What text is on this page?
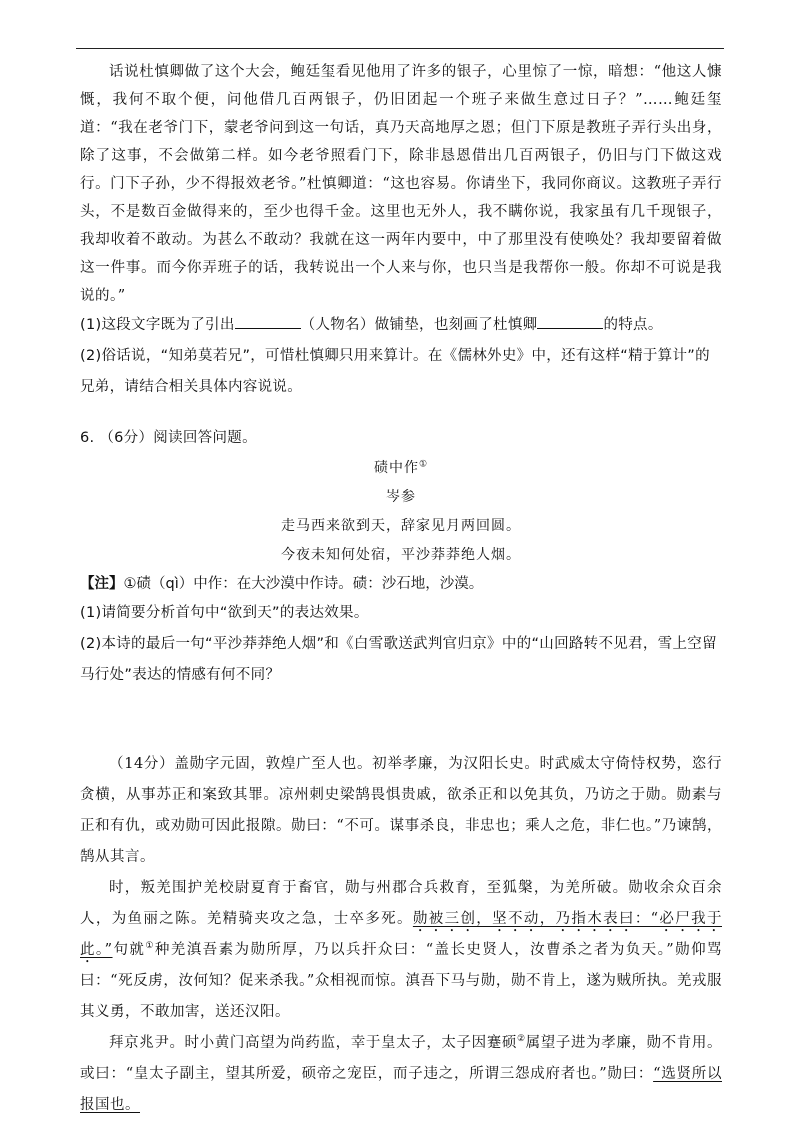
话说杜慎卿做了这个大会，鲍廷玺看见他用了许多的银子，心里惊了一惊，暗想：“他这人慷慨，我何不取个便，问他借几百两银子，仍旧团起一个班子来做生意过日子？”……鲍廷玺道：“我在老爷门下，蒙老爷问到这一句话，真乃天高地厚之恩；但门下原是教班子弄行头出身，除了这事，不会做第二样。如今老爷照看门下，除非恳恩借出几百两银子，仍旧与门下做这戏行。门下子孙，少不得报效老爷。”杜慎卿道：“这也容易。你请坐下，我同你商议。这教班子弄行头，不是数百金做得来的，至少也得千金。这里也无外人，我不瞒你说，我家虽有几千现银子，我却收着不敢动。为甚么不敢动？我就在这一两年内要中，中了那里没有使唤处？我却要留着做这一件事。而今你弄班子的话，我转说出一个人来与你，也只当是我帮你一般。你却不可说是我说的。”

(1)这段文字既为了引出	（人物名）做铺垫，也刻画了杜慎卿	的特点。

(2)俗话说，“知弟莫若兄”，可惜杜慎卿只用来算计。在《儒林外史》中，还有这样“精于算计”的兄弟，请结合相关具体内容说说。

6. （6分）阅读回答问题。

碛中作①

岑参

走马西来欲到天，辞家见月两回圆。

今夜未知何处宿，平沙莽莽绝人烟。

【注】①碛（qì）中作：在大沙漠中作诗。碛：沙石地，沙漠。

(1)请简要分析首句中“欲到天”的表达效果。

(2)本诗的最后一句“平沙莽莽绝人烟”和《白雪歌送武判官归京》中的“山回路转不见君，雪上空留马行处”表达的情感有何不同？

（14分）盖勋字元固，敦煌广至人也。初举孝廉，为汉阳长史。时武威太守倚恃权势，恣行贪横，从事苏正和案致其罪。凉州刺史梁鹄畏惧贵戚，欲杀正和以免其负，乃访之于勋。勋素与正和有仇，或劝勋可因此报隙。勋曰：“不可。谋事杀良，非忠也；乘人之危，非仁也。”乃谏鹄，鹄从其言。

时，叛羌围护羌校尉夏育于畜官，勋与州郡合兵救育，至狐槃，为羌所破。勋收余众百余人，为鱼丽之陈。羌精骑夹攻之急，士卒多死。勋被三创，坚不动，乃指木表曰：“必尸我于此。”句就①种羌滇吾素为勋所厚，乃以兵扞众曰：“盖长史贤人，汝曹杀之者为负天。”勋仰骂曰：“死反虏，汝何知？促来杀我。”众相视而惊。滇吾下马与勋，勋不肯上，遂为贼所执。羌戎服其义勇，不敢加害，送还汉阳。

拜京兆尹。时小黄门高望为尚药监，幸于皇太子，太子因蹇硕②属望子进为孝廉，勋不肯用。或曰：“皇太子副主，望其所爱，硕帝之宠臣，而子违之，所谓三怨成府者也。”勋曰：“选贤所以报国也。
